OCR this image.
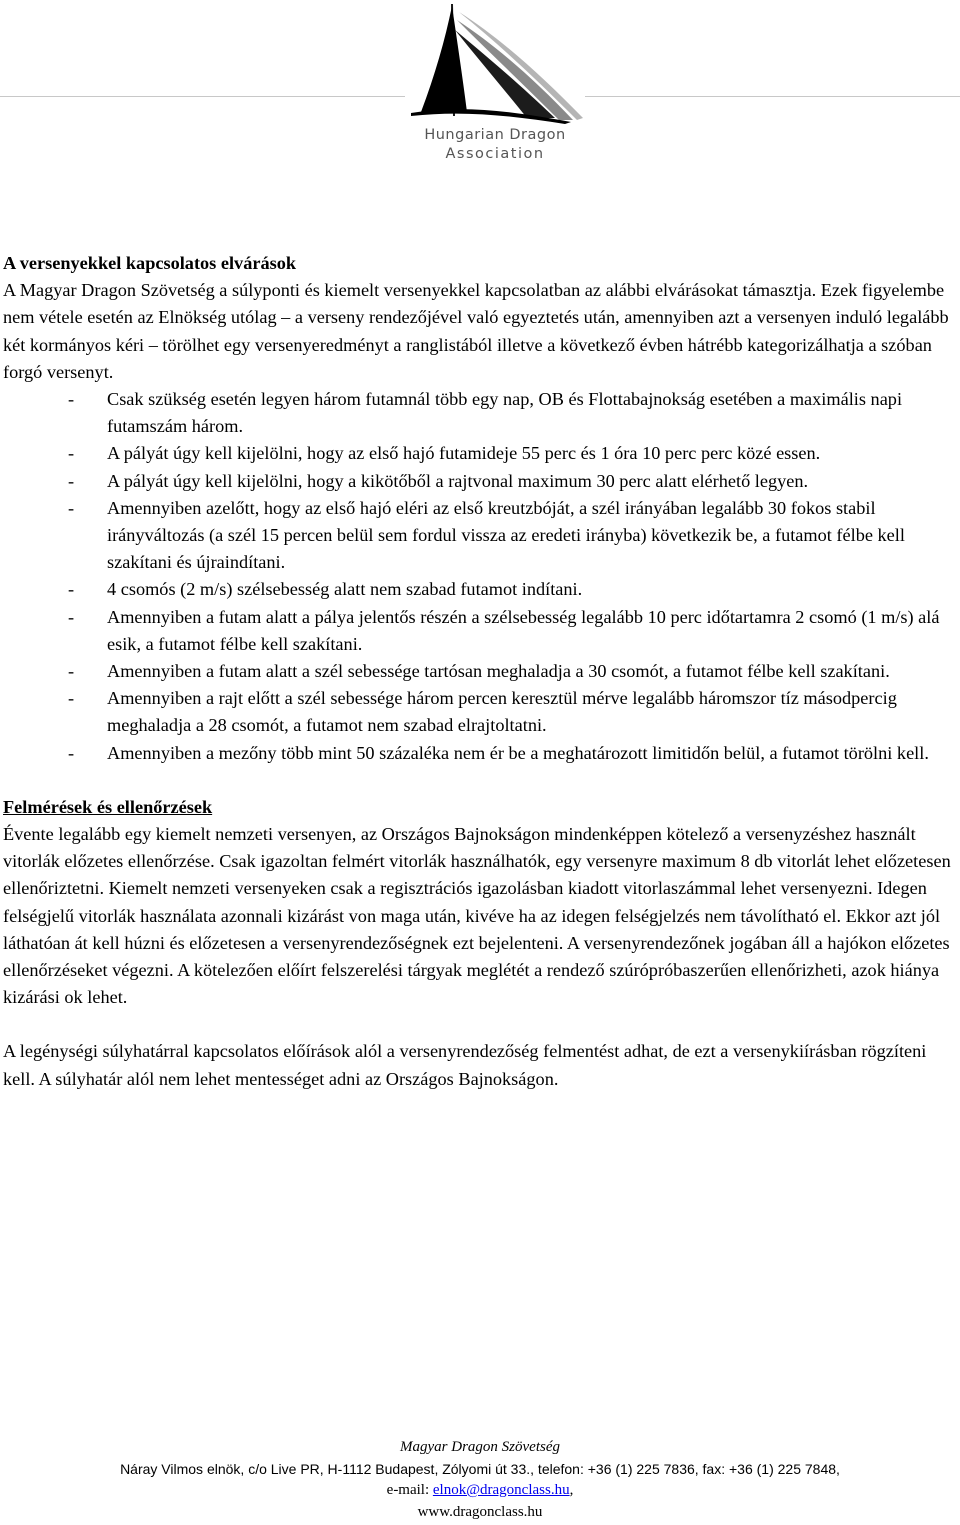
Hungarian Dragon
Association

A versenyekkel kapcsolatos elvárások

A Magyar Dragon Szövetség a súlyponti és kiemelt versenyekkel kapcsolatban az alábbi elvárásokat támasztja. Ezek figyelembe nem vétele esetén az Elnökség utólag – a verseny rendezőjével való egyeztetés után, amennyiben azt a versenyen induló legalább két kormányos kéri – törölhet egy versenyeredményt a ranglistából illetve a következő évben hátrébb kategorizálhatja a szóban forgó versenyt.

- Csak szükség esetén legyen három futamnál több egy nap, OB és Flottabajnokság esetében a maximális napi futamszám három.
- A pályát úgy kell kijelölni, hogy az első hajó futamideje 55 perc és 1 óra 10 perc perc közé essen.
- A pályát úgy kell kijelölni, hogy a kikötőből a rajtvonal maximum 30 perc alatt elérhető legyen.
- Amennyiben azelőtt, hogy az első hajó eléri az első kreutzbóját, a szél irányában legalább 30 fokos stabil irányváltozás (a szél 15 percen belül sem fordul vissza az eredeti irányba) következik be, a futamot félbe kell szakítani és újraindítani.
- 4 csomós (2 m/s) szélsebesség alatt nem szabad futamot indítani.
- Amennyiben a futam alatt a pálya jelentős részén a szélsebesség legalább 10 perc időtartamra 2 csomó (1 m/s) alá esik, a futamot félbe kell szakítani.
- Amennyiben a futam alatt a szél sebessége tartósan meghaladja a 30 csomót, a futamot félbe kell szakítani.
- Amennyiben a rajt előtt a szél sebessége három percen keresztül mérve legalább háromszor tíz másodpercig meghaladja a 28 csomót, a futamot nem szabad elrajtoltatni.
- Amennyiben a mezőny több mint 50 százaléka nem ér be a meghatározott limitidőn belül, a futamot törölni kell.

Felmérések és ellenőrzések

Évente legalább egy kiemelt nemzeti versenyen, az Országos Bajnokságon mindenképpen kötelező a versenyzéshez használt vitorlák előzetes ellenőrzése. Csak igazoltan felmért vitorlák használhatók, egy versenyre maximum 8 db vitorlát lehet előzetesen ellenőriztetni. Kiemelt nemzeti versenyeken csak a regisztrációs igazolásban kiadott vitorlaszámmal lehet versenyezni. Idegen felségjelű vitorlák használata azonnali kizárást von maga után, kivéve ha az idegen felségjelzés nem távolítható el. Ekkor azt jól láthatóan át kell húzni és előzetesen a versenyrendezőségnek ezt bejelenteni. A versenyrendezőnek jogában áll a hajókon előzetes ellenőrzéseket végezni. A kötelezően előírt felszerelési tárgyak meglétét a rendező szúrópróbaszerűen ellenőrizheti, azok hiánya kizárási ok lehet.

A legénységi súlyhatárral kapcsolatos előírások alól a versenyrendezőség felmentést adhat, de ezt a versenykiírásban rögzíteni kell. A súlyhatár alól nem lehet mentességet adni az Országos Bajnokságon.

Magyar Dragon Szövetség
Náray Vilmos elnök, c/o Live PR, H-1112 Budapest, Zólyomi út 33., telefon: +36 (1) 225 7836, fax: +36 (1) 225 7848,
e-mail: elnok@dragonclass.hu,
www.dragonclass.hu
